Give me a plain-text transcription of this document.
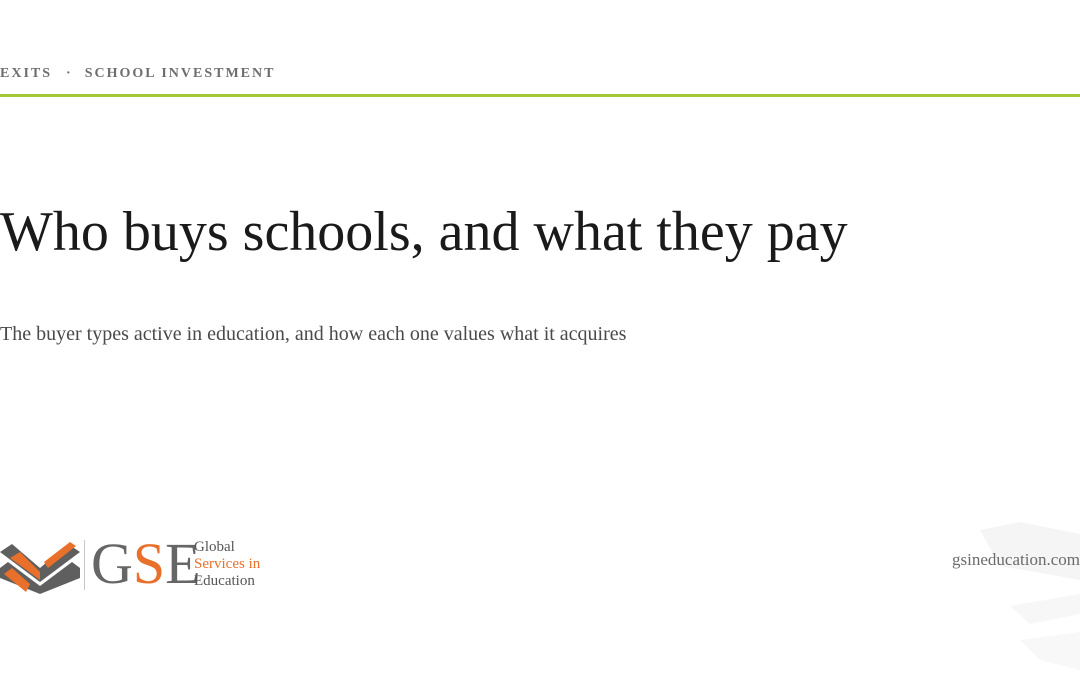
EXITS · SCHOOL INVESTMENT
Who buys schools, and what they pay

The buyer types active in education, and how each one values what it acquires

GSE
Global
Services in
Education
gsineducation.com
